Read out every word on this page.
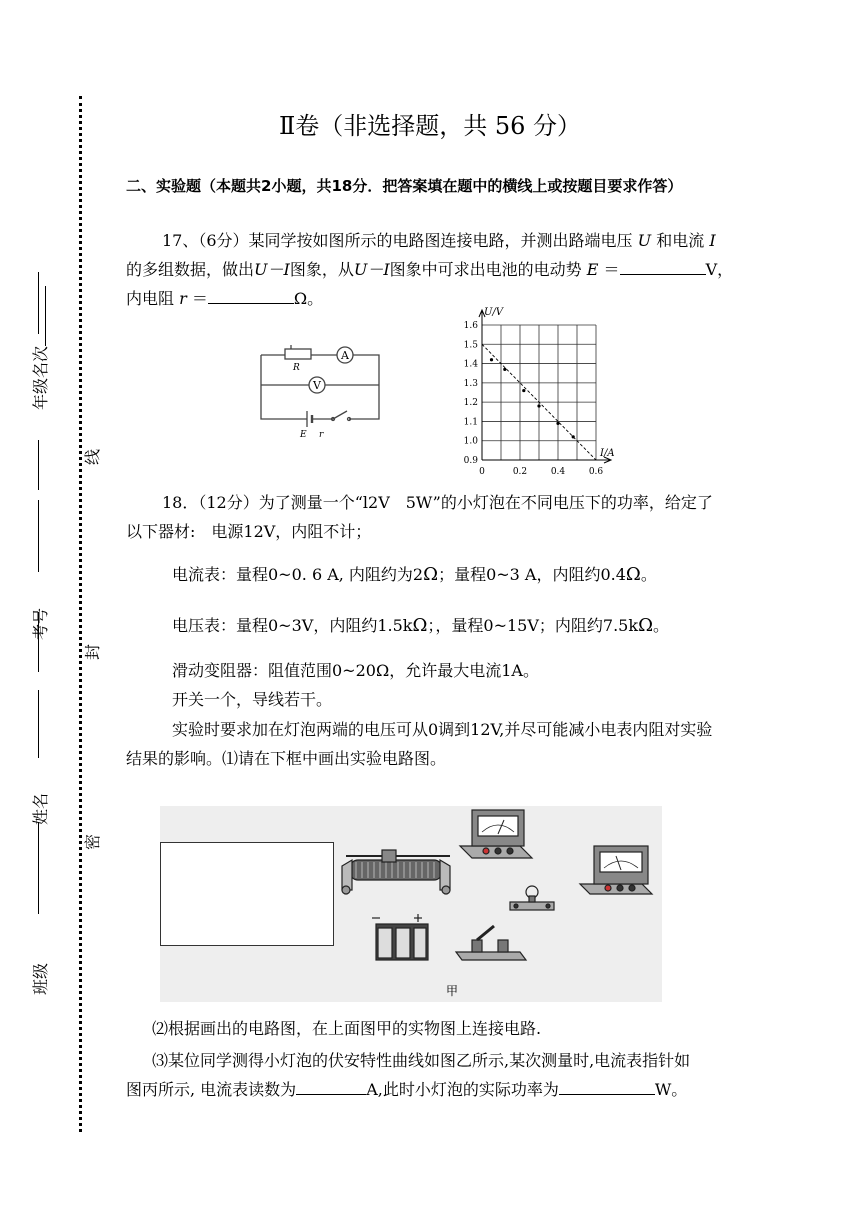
年级名次
考号
姓名
班级
线
封
密
Ⅱ卷（非选择题，共 56 分）
二、实验题（本题共2小题，共18分．把答案填在题中的横线上或按题目要求作答）
17、（6分）某同学按如图所示的电路图连接电路，并测出路端电压 U 和电流 I
的多组数据，做出U－I图象，从U－I图象中可求出电池的电动势 E ＝	V，
内电阻 r ＝	Ω。
A
V
R
E r
0.9
1.0
1.1
1.2
1.3
1.4
1.5
1.6
0	0.2	0.4	0.6
U/V
I/A
18．（12分）为了测量一个“l2V　5W”的小灯泡在不同电压下的功率，给定了
以下器材:　电源12V，内阻不计；
电流表：量程0~0. 6 A, 内阻约为2Ω；量程0~3 A，内阻约0.4Ω。
电压表：量程0~3V，内阻约1.5kΩ；，量程0~15V；内阻约7.5kΩ。
滑动变阻器：阻值范围0~20Ω，允许最大电流1A。
开关一个，导线若干。
实验时要求加在灯泡两端的电压可从0调到12V,并尽可能减小电表内阻对实验
结果的影响。⑴请在下框中画出实验电路图。
甲
⑵根据画出的电路图，在上面图甲的实物图上连接电路.
⑶某位同学测得小灯泡的伏安特性曲线如图乙所示,某次测量时,电流表指针如
图丙所示, 电流表读数为	A,此时小灯泡的实际功率为	W。
